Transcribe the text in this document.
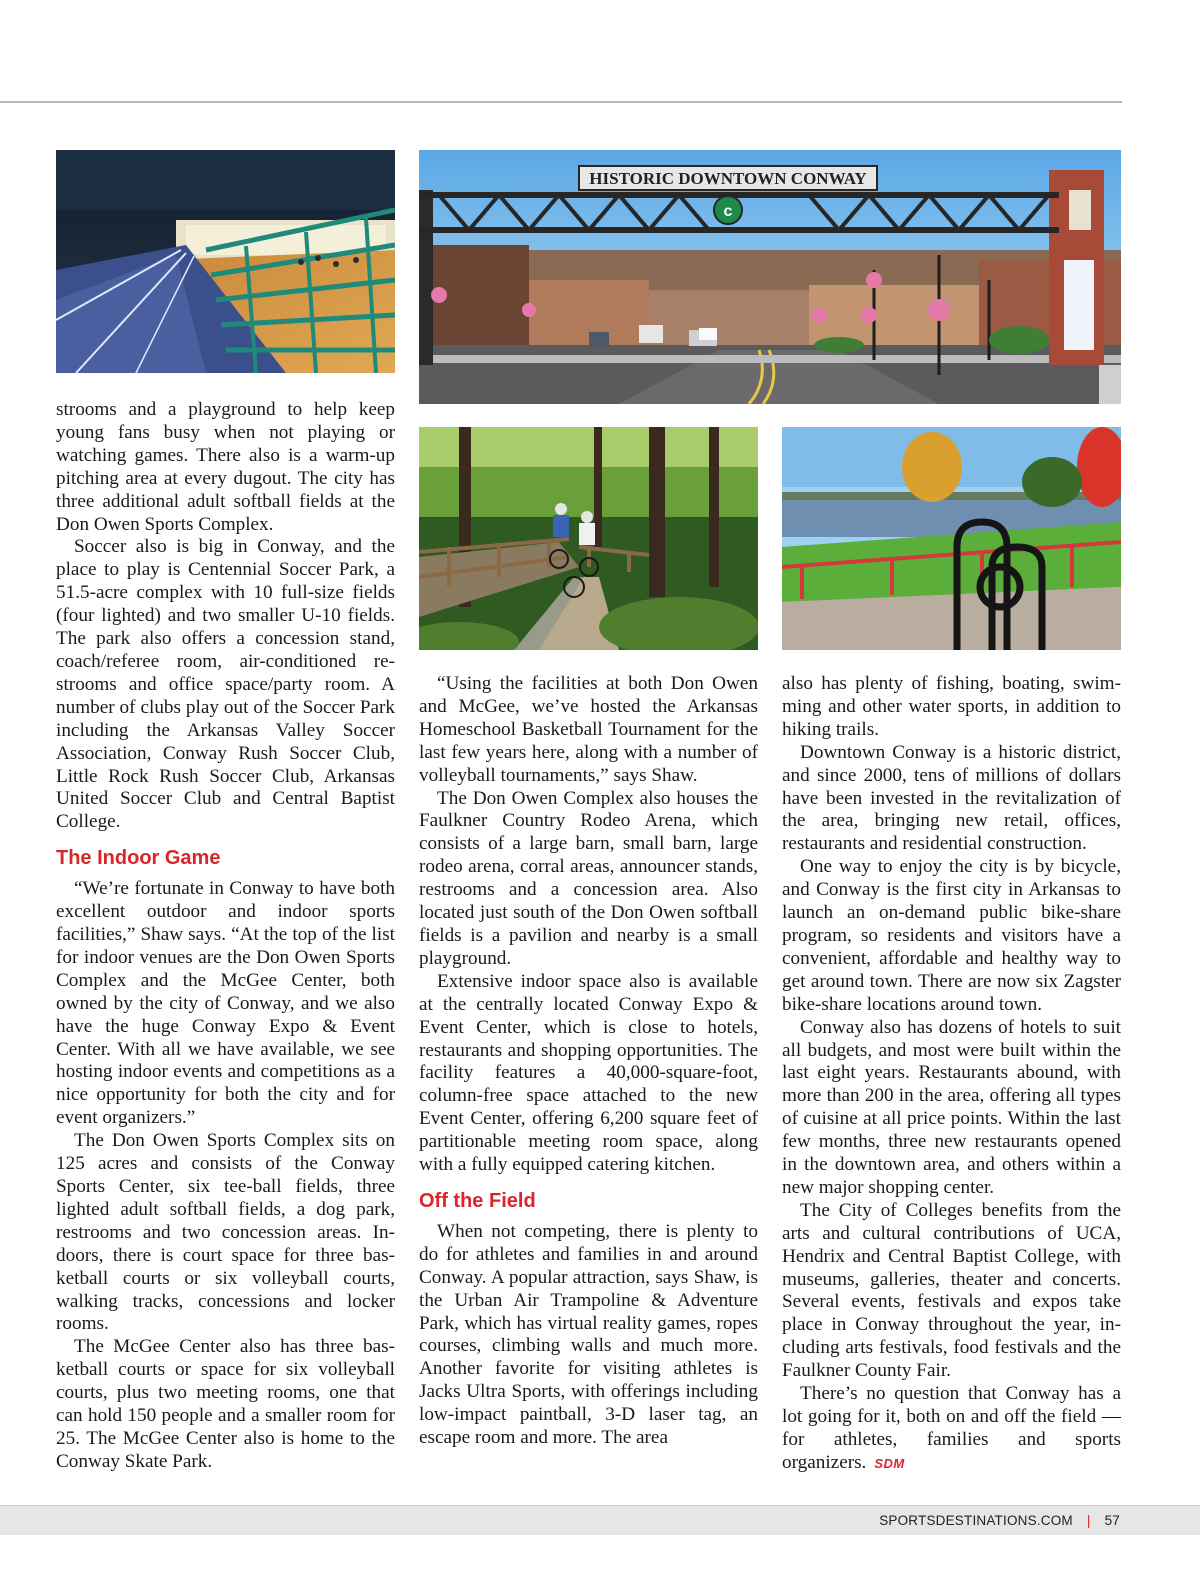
HISTORIC DOWNTOWN CONWAY
c

strooms and a playground to help keep young fans busy when not playing or watching games. There also is a warm-up pitching area at every dugout. The city has three additional adult softball fields at the Don Owen Sports Complex.

Soccer also is big in Conway, and the place to play is Centennial Soccer Park, a 51.5-acre complex with 10 full-size fields (four lighted) and two smaller U-10 fields. The park also offers a concession stand, coach/referee room, air-conditioned restrooms and office space/party room. A number of clubs play out of the Soccer Park including the Arkansas Valley Soccer Association, Conway Rush Soccer Club, Little Rock Rush Soccer Club, Arkansas United Soccer Club and Central Baptist College.

The Indoor Game

“We’re fortunate in Conway to have both excellent outdoor and indoor sports facilities,” Shaw says. “At the top of the list for indoor venues are the Don Owen Sports Complex and the McGee Center, both owned by the city of Conway, and we also have the huge Conway Expo & Event Center. With all we have available, we see hosting indoor events and competitions as a nice opportunity for both the city and for event organizers.”

The Don Owen Sports Complex sits on 125 acres and consists of the Conway Sports Center, six tee-ball fields, three lighted adult softball fields, a dog park, restrooms and two concession areas. Indoors, there is court space for three basketball courts or six volleyball courts, walking tracks, concessions and locker rooms.

The McGee Center also has three basketball courts or space for six volleyball courts, plus two meeting rooms, one that can hold 150 people and a smaller room for 25. The McGee Center also is home to the Conway Skate Park.

“Using the facilities at both Don Owen and McGee, we’ve hosted the Arkansas Homeschool Basketball Tournament for the last few years here, along with a number of volleyball tournaments,” says Shaw.

The Don Owen Complex also houses the Faulkner Country Rodeo Arena, which consists of a large barn, small barn, large rodeo arena, corral areas, announcer stands, restrooms and a concession area. Also located just south of the Don Owen softball fields is a pavilion and nearby is a small playground.

Extensive indoor space also is available at the centrally located Conway Expo & Event Center, which is close to hotels, restaurants and shopping opportunities. The facility features a 40,000-square-foot, column-free space attached to the new Event Center, offering 6,200 square feet of partitionable meeting room space, along with a fully equipped catering kitchen.

Off the Field

When not competing, there is plenty to do for athletes and families in and around Conway. A popular attraction, says Shaw, is the Urban Air Trampoline & Adventure Park, which has virtual reality games, ropes courses, climbing walls and much more. Another favorite for visiting athletes is Jacks Ultra Sports, with offerings including low-impact paintball, 3-D laser tag, an escape room and more. The area

also has plenty of fishing, boating, swimming and other water sports, in addition to hiking trails.

Downtown Conway is a historic district, and since 2000, tens of millions of dollars have been invested in the revitalization of the area, bringing new retail, offices, restaurants and residential construction.

One way to enjoy the city is by bicycle, and Conway is the first city in Arkansas to launch an on-demand public bike-share program, so residents and visitors have a convenient, affordable and healthy way to get around town. There are now six Zagster bike-share locations around town.

Conway also has dozens of hotels to suit all budgets, and most were built within the last eight years. Restaurants abound, with more than 200 in the area, offering all types of cuisine at all price points. Within the last few months, three new restaurants opened in the downtown area, and others within a new major shopping center.

The City of Colleges benefits from the arts and cultural contributions of UCA, Hendrix and Central Baptist College, with museums, galleries, theater and concerts. Several events, festivals and expos take place in Conway throughout the year, including arts festivals, food festivals and the Faulkner County Fair.

There’s no question that Conway has a lot going for it, both on and off the field — for athletes, families and sports organizers. SDM

SPORTSDESTINATIONS.COM | 57
